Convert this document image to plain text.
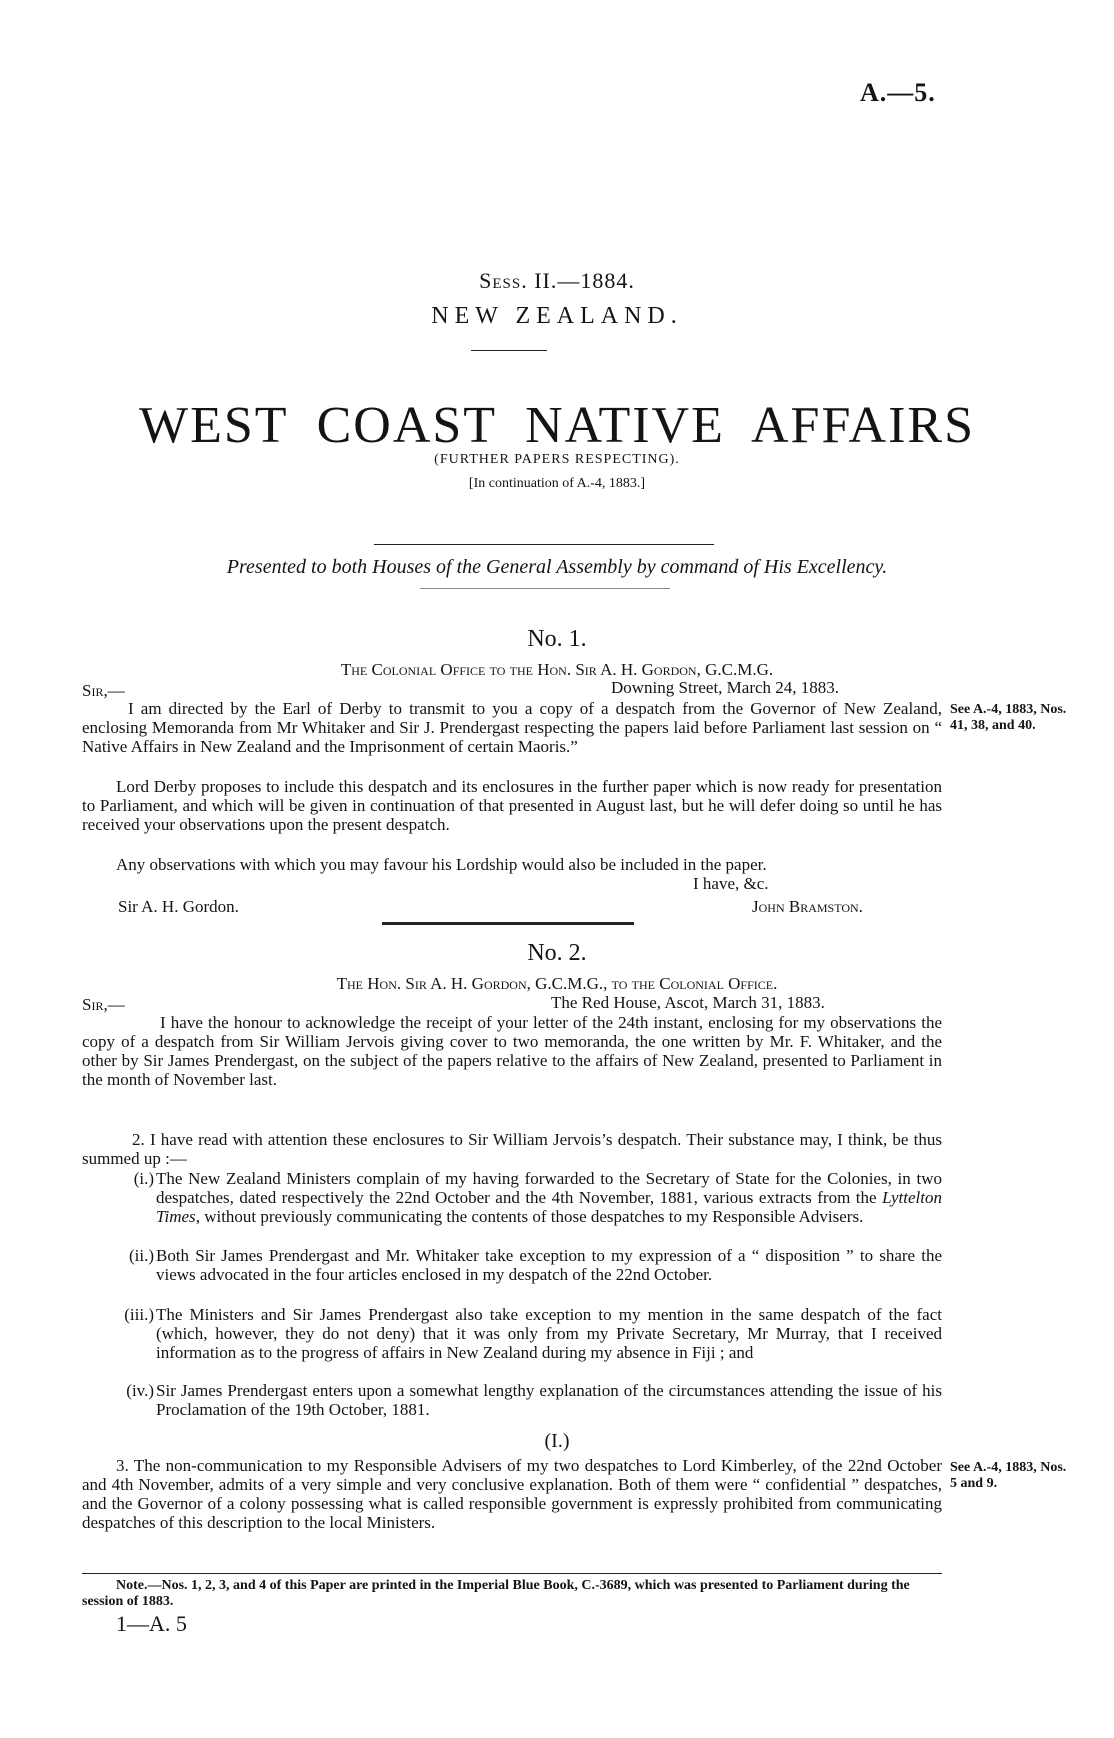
A.—5.
Sess. II.—1884.
NEW ZEALAND.
WEST COAST NATIVE AFFAIRS
(FURTHER PAPERS RESPECTING).
[In continuation of A.-4, 1883.]
Presented to both Houses of the General Assembly by command of His Excellency.
No. 1.
The Colonial Office to the Hon. Sir A. H. Gordon, G.C.M.G.
Sir,—	Downing Street, March 24, 1883.
I am directed by the Earl of Derby to transmit to you a copy of a despatch from the Governor of New Zealand, enclosing Memoranda from Mr Whitaker and Sir J. Prendergast respecting the papers laid before Parliament last session on “ Native Affairs in New Zealand and the Imprisonment of certain Maoris.”
Lord Derby proposes to include this despatch and its enclosures in the further paper which is now ready for presentation to Parliament, and which will be given in continuation of that presented in August last, but he will defer doing so until he has received your observations upon the present despatch.
Any observations with which you may favour his Lordship would also be included in the paper.
I have, &c.
Sir A. H. Gordon.	John Bramston.
See A.-4, 1883, Nos. 41, 38, and 40.
No. 2.
The Hon. Sir A. H. Gordon, G.C.M.G., to the Colonial Office.
Sir,—	The Red House, Ascot, March 31, 1883.
I have the honour to acknowledge the receipt of your letter of the 24th instant, enclosing for my observations the copy of a despatch from Sir William Jervois giving cover to two memoranda, the one written by Mr. F. Whitaker, and the other by Sir James Prendergast, on the subject of the papers relative to the affairs of New Zealand, presented to Parliament in the month of November last.
2. I have read with attention these enclosures to Sir William Jervois’s despatch. Their substance may, I think, be thus summed up :—
(i.) The New Zealand Ministers complain of my having forwarded to the Secretary of State for the Colonies, in two despatches, dated respectively the 22nd October and the 4th November, 1881, various extracts from the Lyttelton Times, without previously communicating the contents of those despatches to my Responsible Advisers.
(ii.) Both Sir James Prendergast and Mr. Whitaker take exception to my expression of a “ disposition ” to share the views advocated in the four articles enclosed in my despatch of the 22nd October.
(iii.) The Ministers and Sir James Prendergast also take exception to my mention in the same despatch of the fact (which, however, they do not deny) that it was only from my Private Secretary, Mr Murray, that I received information as to the progress of affairs in New Zealand during my absence in Fiji ; and
(iv.) Sir James Prendergast enters upon a somewhat lengthy explanation of the circumstances attending the issue of his Proclamation of the 19th October, 1881.
(I.)
3. The non-communication to my Responsible Advisers of my two despatches to Lord Kimberley, of the 22nd October and 4th November, admits of a very simple and very conclusive explanation. Both of them were “ confidential ” despatches, and the Governor of a colony possessing what is called responsible government is expressly prohibited from communicating despatches of this description to the local Ministers.
See A.-4, 1883, Nos. 5 and 9.
Note.—Nos. 1, 2, 3, and 4 of this Paper are printed in the Imperial Blue Book, C.-3689, which was presented to Parliament during the session of 1883.
1—A. 5
